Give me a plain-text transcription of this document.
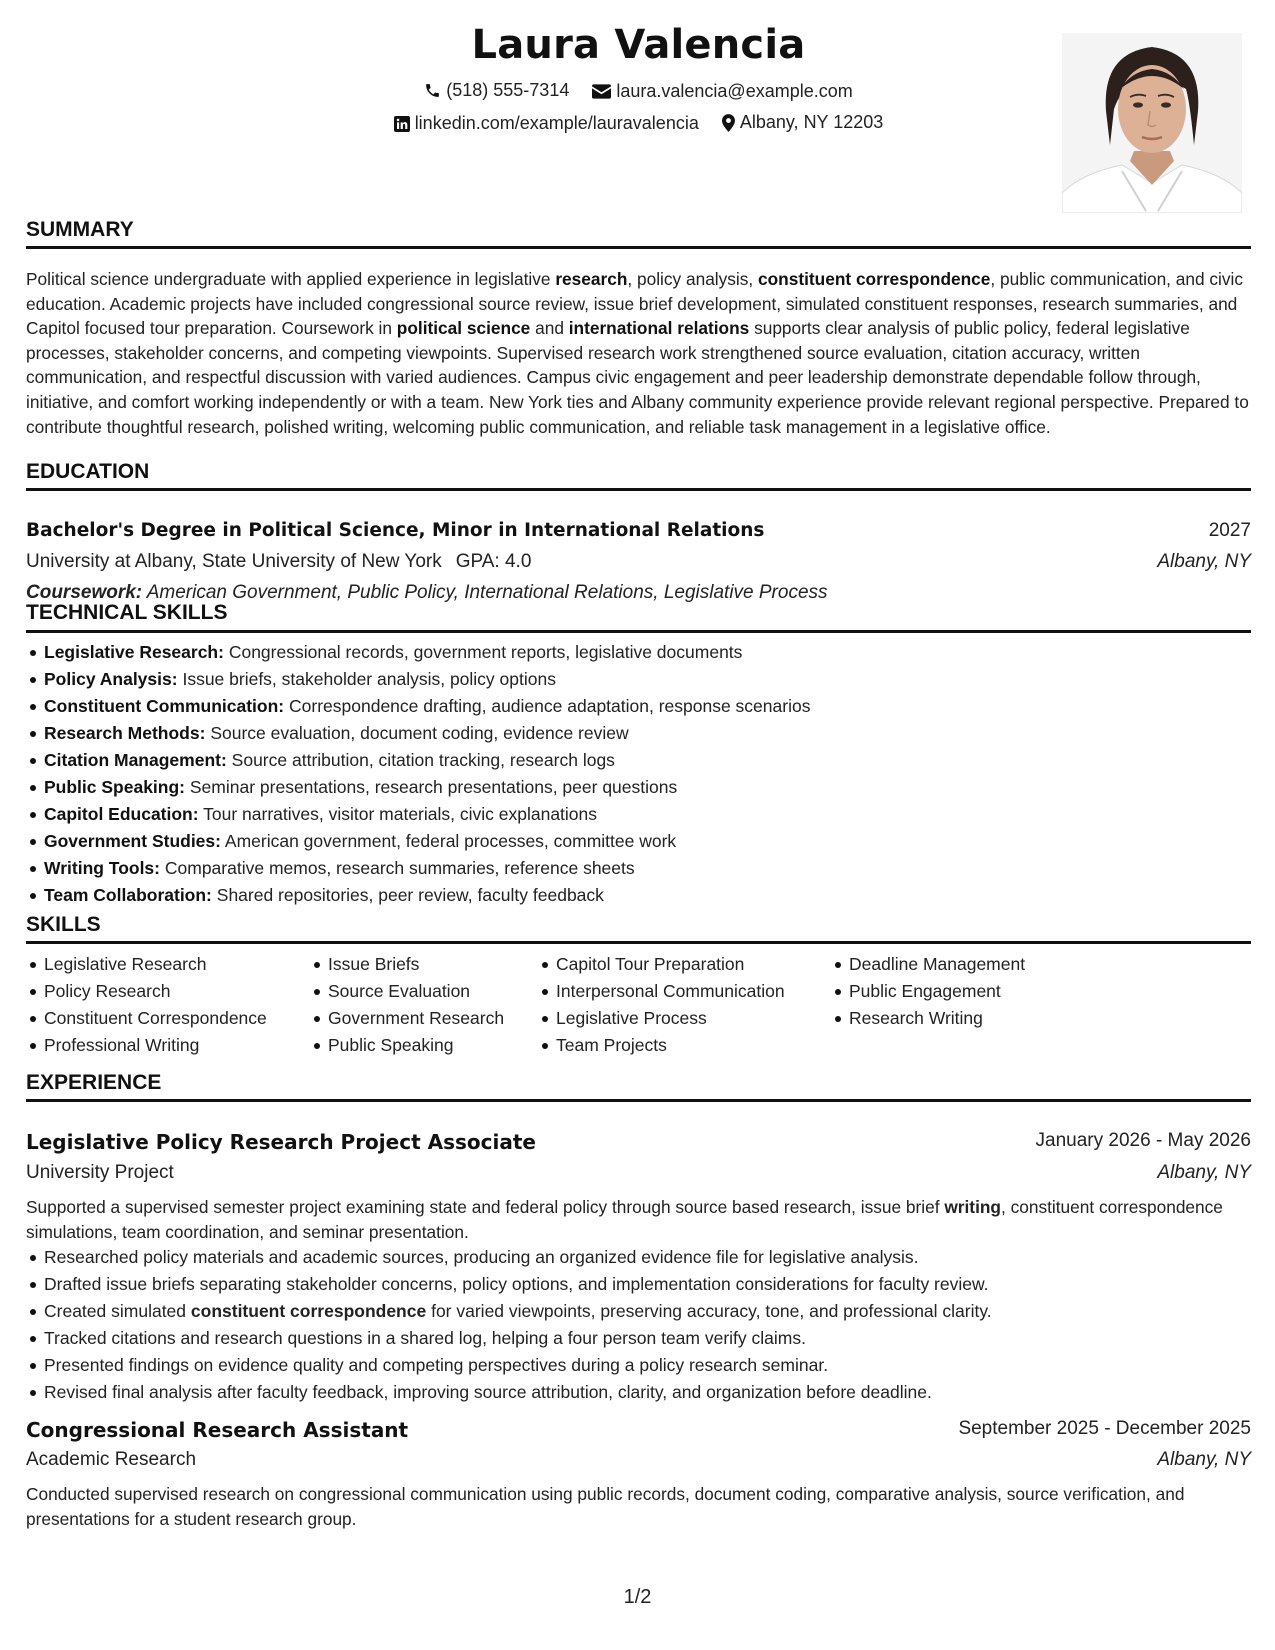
Laura Valencia
(518) 555-7314
	laura.valencia@example.com
linkedin.com/example/lauravalencia
Albany, NY 12203
SUMMARY
Political science undergraduate with applied experience in legislative research, policy analysis, constituent correspondence, public communication, and civic education. Academic projects have included congressional source review, issue brief development, simulated constituent responses, research summaries, and Capitol focused tour preparation. Coursework in political science and international relations supports clear analysis of public policy, federal legislative processes, stakeholder concerns, and competing viewpoints. Supervised research work strengthened source evaluation, citation accuracy, written communication, and respectful discussion with varied audiences. Campus civic engagement and peer leadership demonstrate dependable follow through, initiative, and comfort working independently or with a team. New York ties and Albany community experience provide relevant regional perspective. Prepared to contribute thoughtful research, polished writing, welcoming public communication, and reliable task management in a legislative office.
EDUCATION
Bachelor's Degree in Political Science, Minor in International Relations	2027
University at Albany, State University of New York GPA: 4.0	Albany, NY
Coursework: American Government, Public Policy, International Relations, Legislative Process
TECHNICAL SKILLS
Legislative Research: Congressional records, government reports, legislative documents
Policy Analysis: Issue briefs, stakeholder analysis, policy options
Constituent Communication: Correspondence drafting, audience adaptation, response scenarios
Research Methods: Source evaluation, document coding, evidence review
Citation Management: Source attribution, citation tracking, research logs
Public Speaking: Seminar presentations, research presentations, peer questions
Capitol Education: Tour narratives, visitor materials, civic explanations
Government Studies: American government, federal processes, committee work
Writing Tools: Comparative memos, research summaries, reference sheets
Team Collaboration: Shared repositories, peer review, faculty feedback
SKILLS
Legislative Research
Policy Research
Constituent Correspondence
Professional Writing
Issue Briefs
Source Evaluation
Government Research
Public Speaking
Capitol Tour Preparation
Interpersonal Communication
Legislative Process
Team Projects
Deadline Management
Public Engagement
Research Writing
EXPERIENCE
Legislative Policy Research Project Associate	January 2026 - May 2026
University Project	Albany, NY
Supported a supervised semester project examining state and federal policy through source based research, issue brief writing, constituent correspondence simulations, team coordination, and seminar presentation.
Researched policy materials and academic sources, producing an organized evidence file for legislative analysis.
Drafted issue briefs separating stakeholder concerns, policy options, and implementation considerations for faculty review.
Created simulated constituent correspondence for varied viewpoints, preserving accuracy, tone, and professional clarity.
Tracked citations and research questions in a shared log, helping a four person team verify claims.
Presented findings on evidence quality and competing perspectives during a policy research seminar.
Revised final analysis after faculty feedback, improving source attribution, clarity, and organization before deadline.
Congressional Research Assistant	September 2025 - December 2025
Academic Research	Albany, NY
Conducted supervised research on congressional communication using public records, document coding, comparative analysis, source verification, and presentations for a student research group.
1/2
